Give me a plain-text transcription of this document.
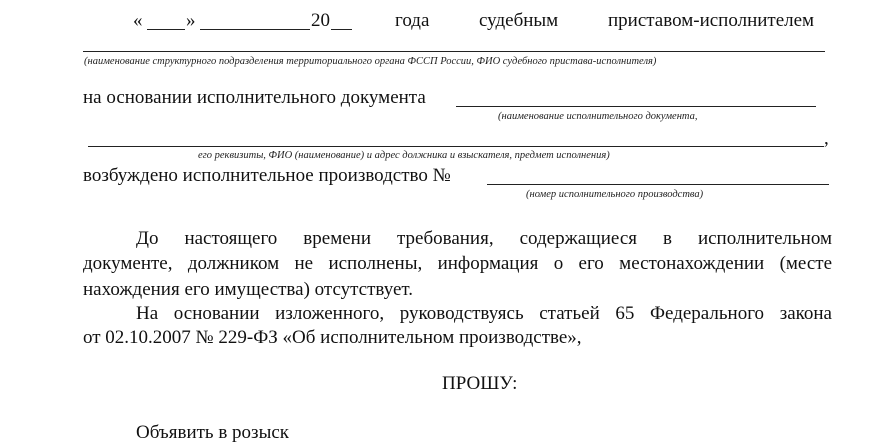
« »	20	года	судебным	приставом-исполнителем
(наименование структурного подразделения территориального органа ФССП России, ФИО судебного пристава-исполнителя)
на основании исполнительного документа
(наименование исполнительного документа,
,
его реквизиты, ФИО (наименование) и адрес должника и взыскателя, предмет исполнения)
возбуждено исполнительное производство №
(номер исполнительного производства)
До настоящего времени требования, содержащиеся в исполнительном
документе, должником не исполнены, информация о его местонахождении (месте
нахождения его имущества) отсутствует.
На основании изложенного, руководствуясь статьей 65 Федерального закона
от 02.10.2007 № 229-ФЗ «Об исполнительном производстве»,
ПРОШУ:
Объявить в розыск
